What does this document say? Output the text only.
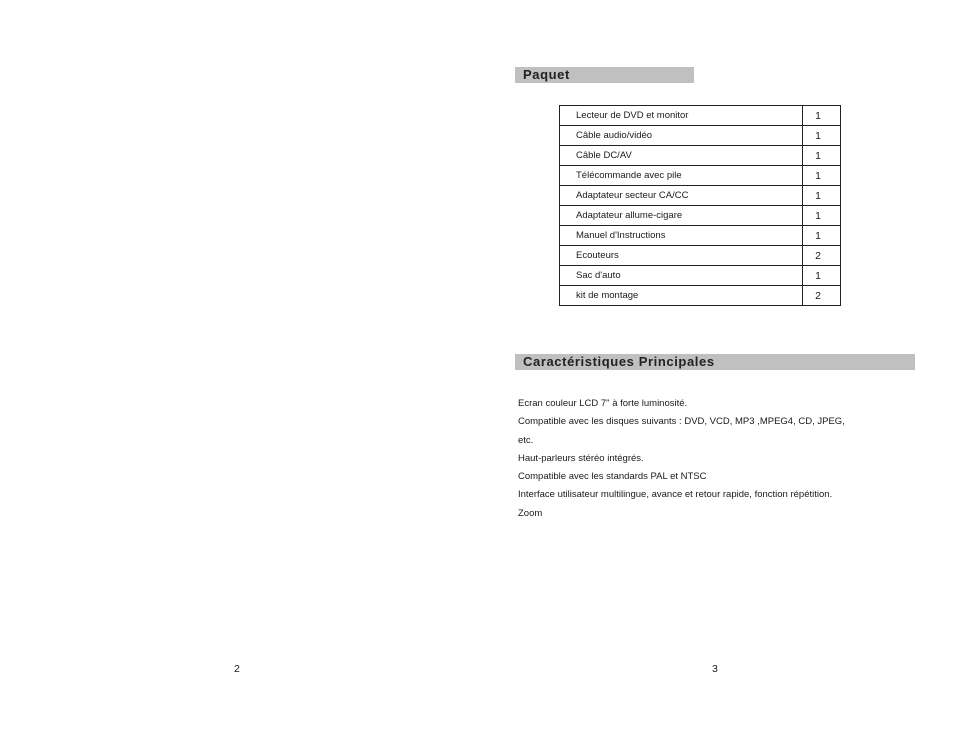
Paquet
Lecteur de DVD et monitor	1
Câble audio/vidéo	1
Câble DC/AV	1
Télécommande avec pile	1
Adaptateur secteur CA/CC	1
Adaptateur allume-cigare	1
Manuel d'Instructions	1
Ecouteurs	2
Sac d'auto	1
kit de montage	2
Caractéristiques Principales
Ecran couleur LCD 7" à forte luminosité.
Compatible avec les disques suivants : DVD, VCD, MP3 ,MPEG4, CD, JPEG,
etc.
Haut-parleurs stéréo intégrés.
Compatible avec les standards PAL et NTSC
Interface utilisateur multilingue, avance et retour rapide, fonction répétition.
Zoom
2	3
